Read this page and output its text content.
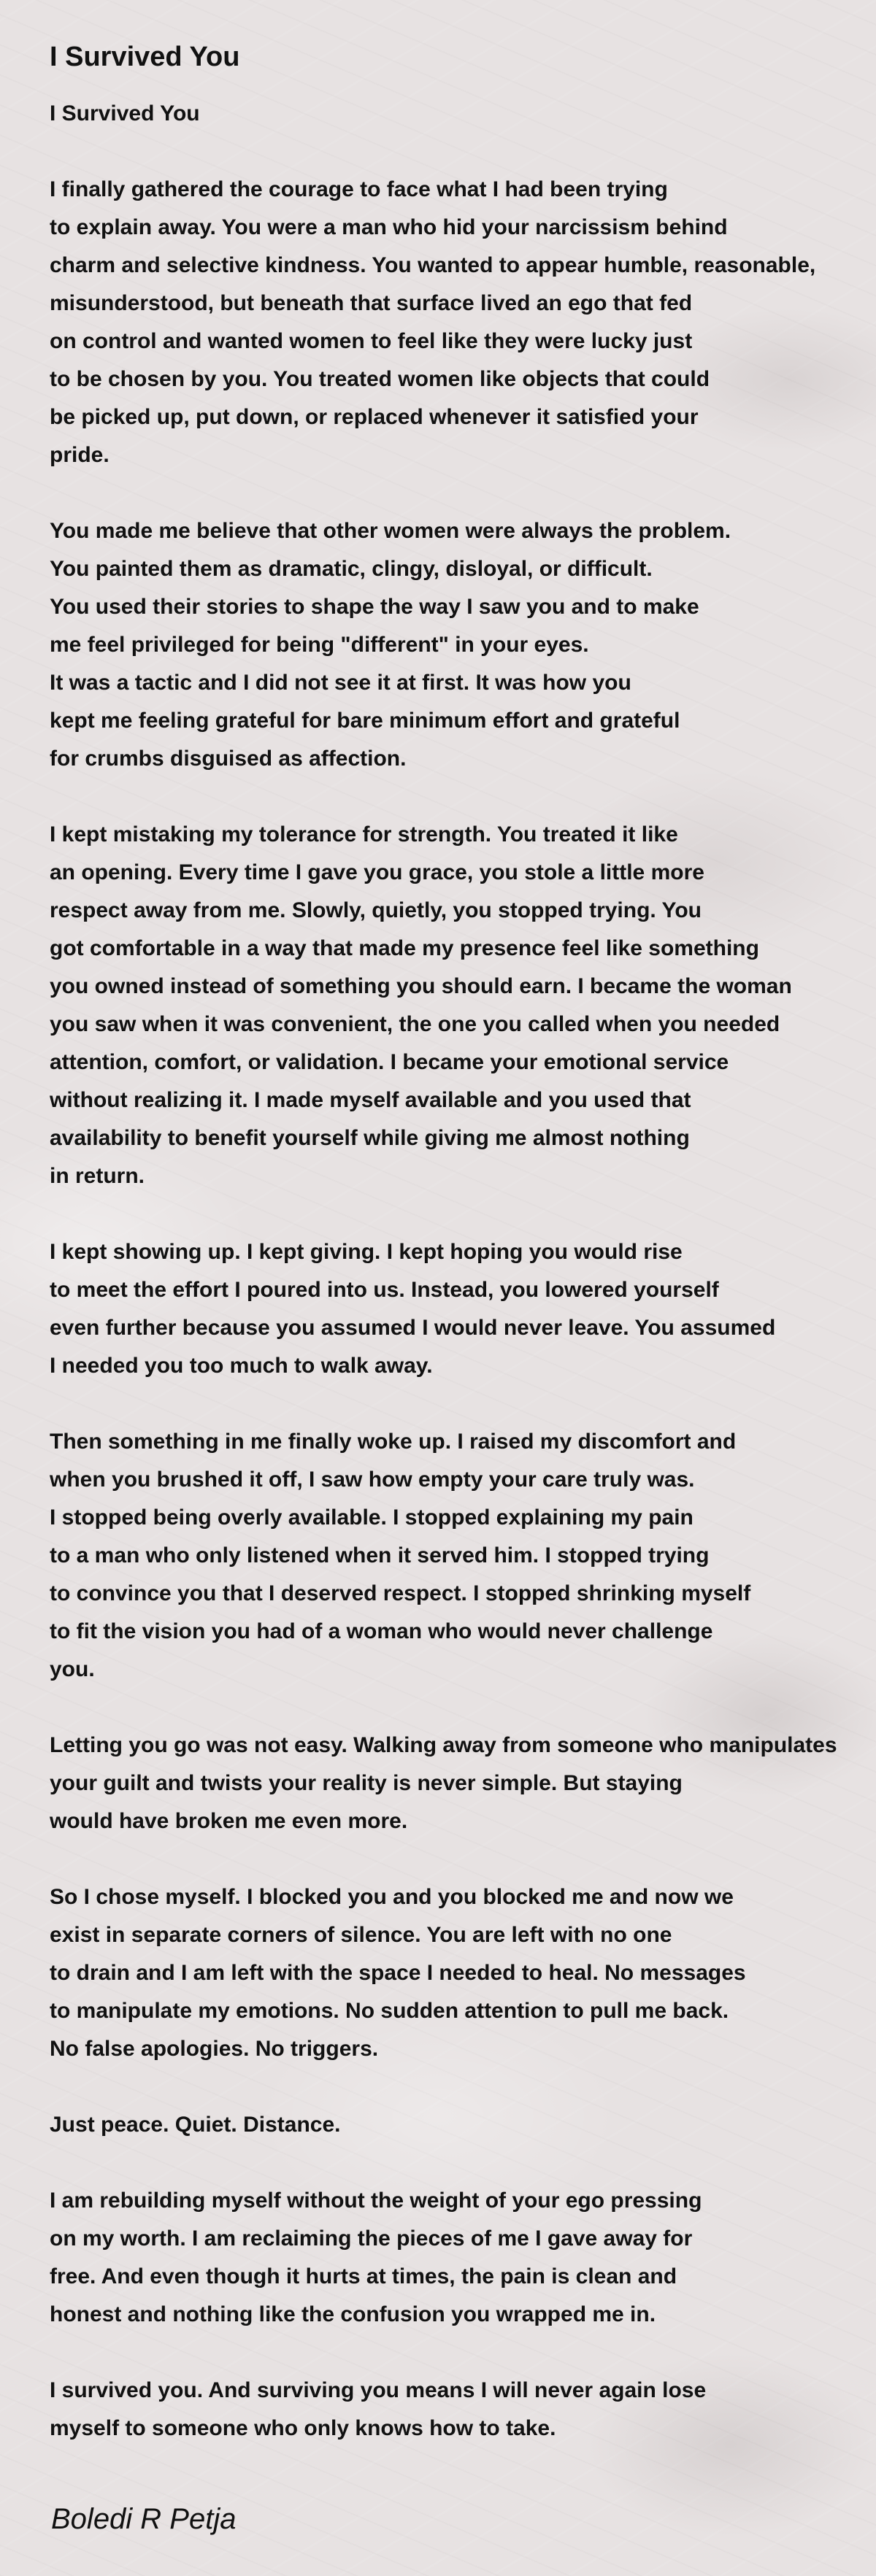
I Survived You
I Survived You
I finally gathered the courage to face what I had been trying
to explain away. You were a man who hid your narcissism behind
charm and selective kindness. You wanted to appear humble, reasonable,
misunderstood, but beneath that surface lived an ego that fed
on control and wanted women to feel like they were lucky just
to be chosen by you. You treated women like objects that could
be picked up, put down, or replaced whenever it satisfied your
pride.
You made me believe that other women were always the problem.
You painted them as dramatic, clingy, disloyal, or difficult.
You used their stories to shape the way I saw you and to make
me feel privileged for being "different" in your eyes.
It was a tactic and I did not see it at first. It was how you
kept me feeling grateful for bare minimum effort and grateful
for crumbs disguised as affection.
I kept mistaking my tolerance for strength. You treated it like
an opening. Every time I gave you grace, you stole a little more
respect away from me. Slowly, quietly, you stopped trying. You
got comfortable in a way that made my presence feel like something
you owned instead of something you should earn. I became the woman
you saw when it was convenient, the one you called when you needed
attention, comfort, or validation. I became your emotional service
without realizing it. I made myself available and you used that
availability to benefit yourself while giving me almost nothing
in return.
I kept showing up. I kept giving. I kept hoping you would rise
to meet the effort I poured into us. Instead, you lowered yourself
even further because you assumed I would never leave. You assumed
I needed you too much to walk away.
Then something in me finally woke up. I raised my discomfort and
when you brushed it off, I saw how empty your care truly was.
I stopped being overly available. I stopped explaining my pain
to a man who only listened when it served him. I stopped trying
to convince you that I deserved respect. I stopped shrinking myself
to fit the vision you had of a woman who would never challenge
you.
Letting you go was not easy. Walking away from someone who manipulates
your guilt and twists your reality is never simple. But staying
would have broken me even more.
So I chose myself. I blocked you and you blocked me and now we
exist in separate corners of silence. You are left with no one
to drain and I am left with the space I needed to heal. No messages
to manipulate my emotions. No sudden attention to pull me back.
No false apologies. No triggers.
Just peace. Quiet. Distance.
I am rebuilding myself without the weight of your ego pressing
on my worth. I am reclaiming the pieces of me I gave away for
free. And even though it hurts at times, the pain is clean and
honest and nothing like the confusion you wrapped me in.
I survived you. And surviving you means I will never again lose
myself to someone who only knows how to take.
Boledi R Petja
